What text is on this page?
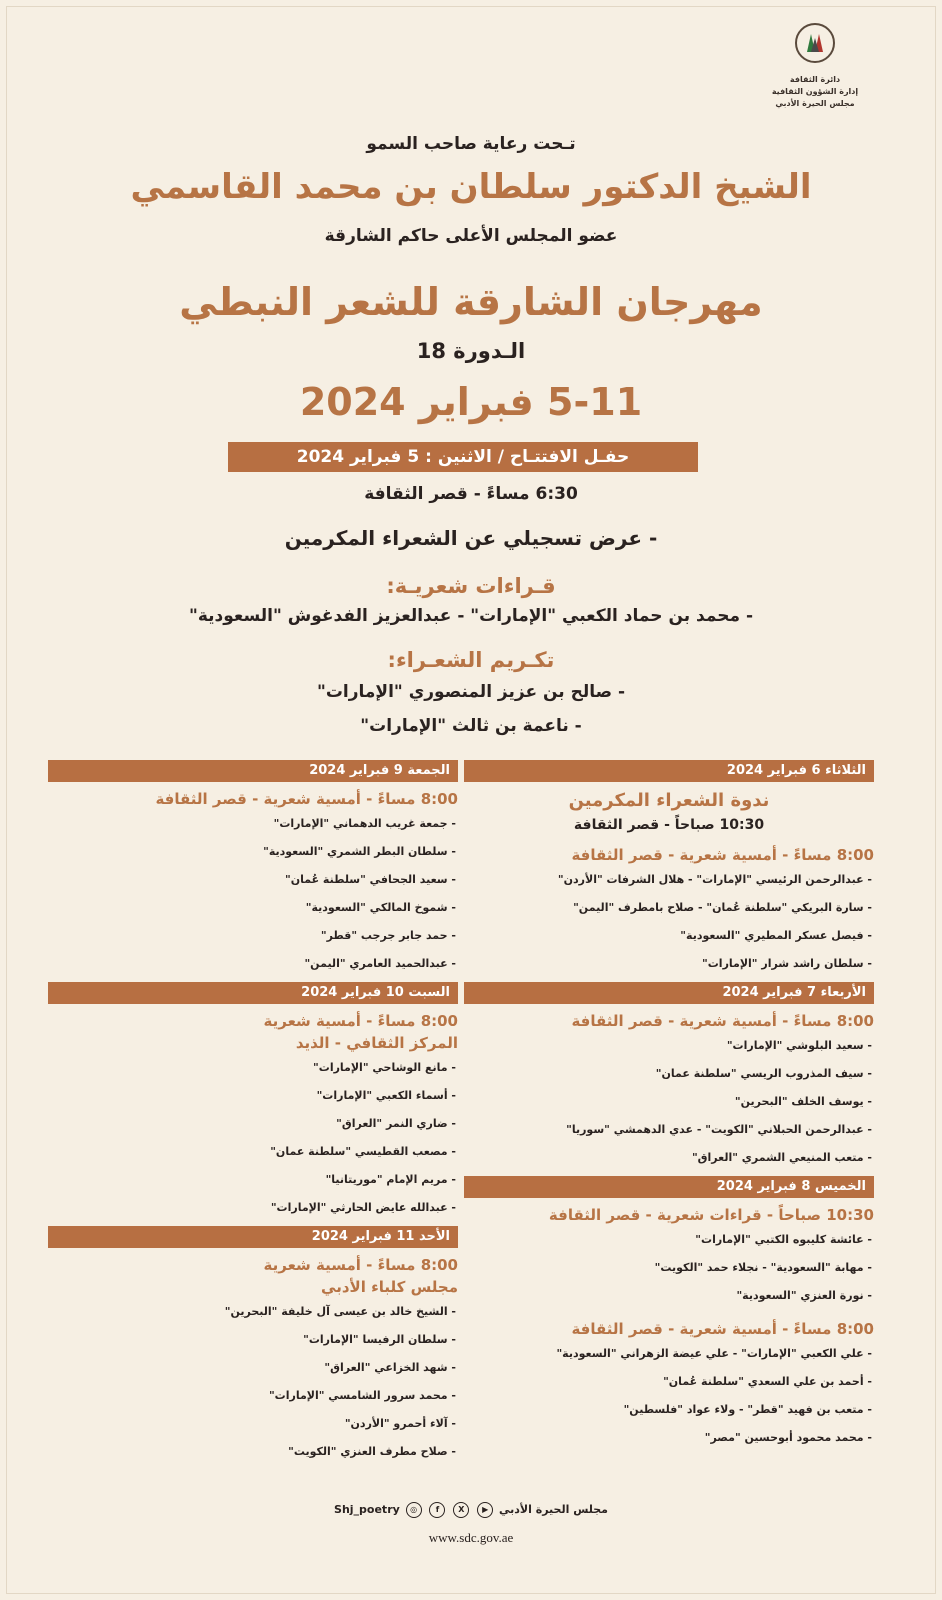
دائرة الثقافة
إدارة الشؤون الثقافية
مجلس الحيرة الأدبي
تـحت رعاية صاحب السمو
الشيخ الدكتور سلطان بن محمد القاسمي
عضو المجلس الأعلى حاكم الشارقة
مهرجان الشارقة للشعر النبطي
الـدورة 18
5-11 فبراير 2024
حفـل الافتتـاح / الاثنين : 5 فبراير 2024
6:30 مساءً - قصر الثقافة
- عرض تسجيلي عن الشعراء المكرمين
قـراءات شعريـة:
- محمد بن حماد الكعبي "الإمارات" - عبدالعزيز الفدغوش "السعودية"
تكـريم الشعـراء:
- صالح بن عزيز المنصوري "الإمارات"
- ناعمة بن ثالث "الإمارات"
الثلاثاء 6 فبراير 2024
ندوة الشعراء المكرمين
10:30 صباحاً - قصر الثقافة
8:00 مساءً - أمسية شعرية - قصر الثقافة
- عبدالرحمن الرئيسي "الإمارات" - هلال الشرفات "الأردن"
- سارة البريكي "سلطنة عُمان" - صلاح بامطرف "اليمن"
- فيصل عسكر المطيري "السعودية"
- سلطان راشد شرار "الإمارات"
الأربعاء 7 فبراير 2024
8:00 مساءً - أمسية شعرية - قصر الثقافة
- سعيد البلوشي "الإمارات"
- سيف المذروب الريسي "سلطنة عمان"
- يوسف الخلف "البحرين"
- عبدالرحمن الحبلاني "الكويت" - عدي الدهمشي "سوريا"
- متعب المنيعي الشمري "العراق"
الخميس 8 فبراير 2024
10:30 صباحاً - قراءات شعرية - قصر الثقافة
- عائشة كليبوه الكتبي "الإمارات"
- مهابة "السعودية" - نجلاء حمد "الكويت"
- نورة العنزي "السعودية"
8:00 مساءً - أمسية شعرية - قصر الثقافة
- علي الكعبي "الإمارات" - علي عيضة الزهراني "السعودية"
- أحمد بن علي السعدي "سلطنة عُمان"
- متعب بن فهيد "قطر" - ولاء عواد "فلسطين"
- محمد محمود أبوحسين "مصر"
الجمعة 9 فبراير 2024
8:00 مساءً - أمسية شعرية - قصر الثقافة
- جمعة غريب الدهماني "الإمارات"
- سلطان البطر الشمري "السعودية"
- سعيد الجحافي "سلطنة عُمان"
- شموخ المالكي "السعودية"
- حمد جابر جرجب "قطر"
- عبدالحميد العامري "اليمن"
السبت 10 فبراير 2024
8:00 مساءً - أمسية شعرية
المركز الثقافي - الذيد
- مانع الوشاحي "الإمارات"
- أسماء الكعبي "الإمارات"
- ضاري النمر "العراق"
- مصعب القطيسي "سلطنة عمان"
- مريم الإمام "موريتانيا"
- عبدالله عايض الحارثي "الإمارات"
الأحد 11 فبراير 2024
8:00 مساءً - أمسية شعرية
مجلس كلباء الأدبي
- الشيخ خالد بن عيسى آل خليفة "البحرين"
- سلطان الرفيسا "الإمارات"
- شهد الخزاعي "العراق"
- محمد سرور الشامسي "الإمارات"
- آلاء أحمرو "الأردن"
- صلاح مطرف العنزي "الكويت"
مجلس الحيرة الأدبي ▶ X f ◎ Shj_poetry
www.sdc.gov.ae
